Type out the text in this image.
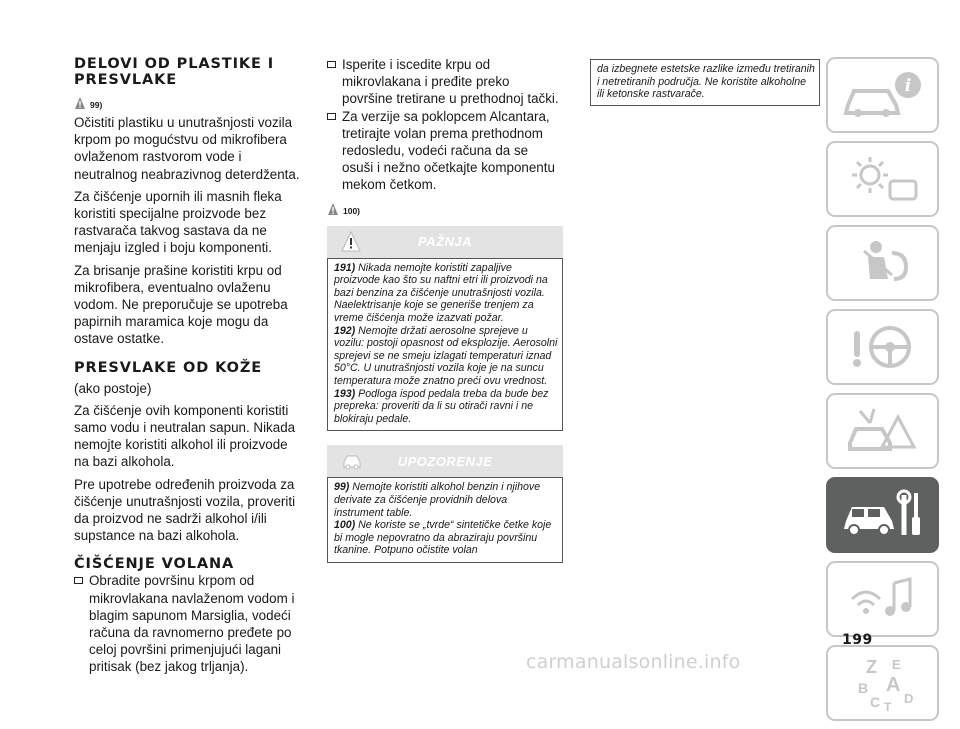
DELOVI OD PLASTIKE I PRESVLAKE
99)

Očistiti plastiku u unutrašnjosti vozila krpom po mogućstvu od mikrofibera ovlaženom rastvorom vode i neutralnog neabrazivnog deterdženta.

Za čišćenje upornih ili masnih fleka koristiti specijalne proizvode bez rastvarača takvog sastava da ne menjaju izgled i boju komponenti.

Za brisanje prašine koristiti krpu od mikrofibera, eventualno ovlaženu vodom. Ne preporučuje se upotreba papirnih maramica koje mogu da ostave ostatke.

PRESVLAKE OD KOŽE

(ako postoje)

Za čišćenje ovih komponenti koristiti samo vodu i neutralan sapun. Nikada nemojte koristiti alkohol ili proizvode na bazi alkohola.

Pre upotrebe određenih proizvoda za čišćenje unutrašnjosti vozila, proveriti da proizvod ne sadrži alkohol i/ili supstance na bazi alkohola.

ČIŠĆENJE VOLANA
Obradite površinu krpom od mikrovlakana navlaženom vodom i blagim sapunom Marsiglia, vodeći računa da ravnomerno pređete po celoj površini primenjujući lagani pritisak (bez jakog trljanja).
Isperite i iscedite krpu od mikrovlakana i pređite preko površine tretirane u prethodnoj tački.
Za verzije sa poklopcem Alcantara, tretirajte volan prema prethodnom redosledu, vodeći računa da se osuši i nežno očetkajte komponentu mekom četkom.
100)
PAŽNJA
191) Nikada nemojte koristiti zapaljive proizvode kao što su naftni etri ili proizvodi na bazi benzina za čišćenje unutrašnjosti vozila. Naelektrisanje koje se generiše trenjem za vreme čišćenja može izazvati požar.
192) Nemojte držati aerosolne spreјeve u vozilu: postoji opasnost od eksplozije. Aerosolni sprejevi se ne smeju izlagati temperaturi iznad 50°C. U unutrašnjosti vozila koje je na suncu temperatura može znatno preći ovu vrednost.
193) Podloga ispod pedala treba da bude bez prepreka: proveriti da li su otirači ravni i ne blokiraju pedale.
UPOZORENJE
99) Nemojte koristiti alkohol benzin i njihove derivate za čišćenje providnih delova instrument table.
100) Ne koriste se „tvrde“ sintetičke četke koje bi mogle nepovratno da abraziraju površinu tkanine. Potpuno očistite volan
da izbegnete estetske razlike između tretiranih i netretiranih područja. Ne koristite alkoholne ili ketonske rastvarače.	i
Z E
B A
C D
T
199
carmanualsonline.info
